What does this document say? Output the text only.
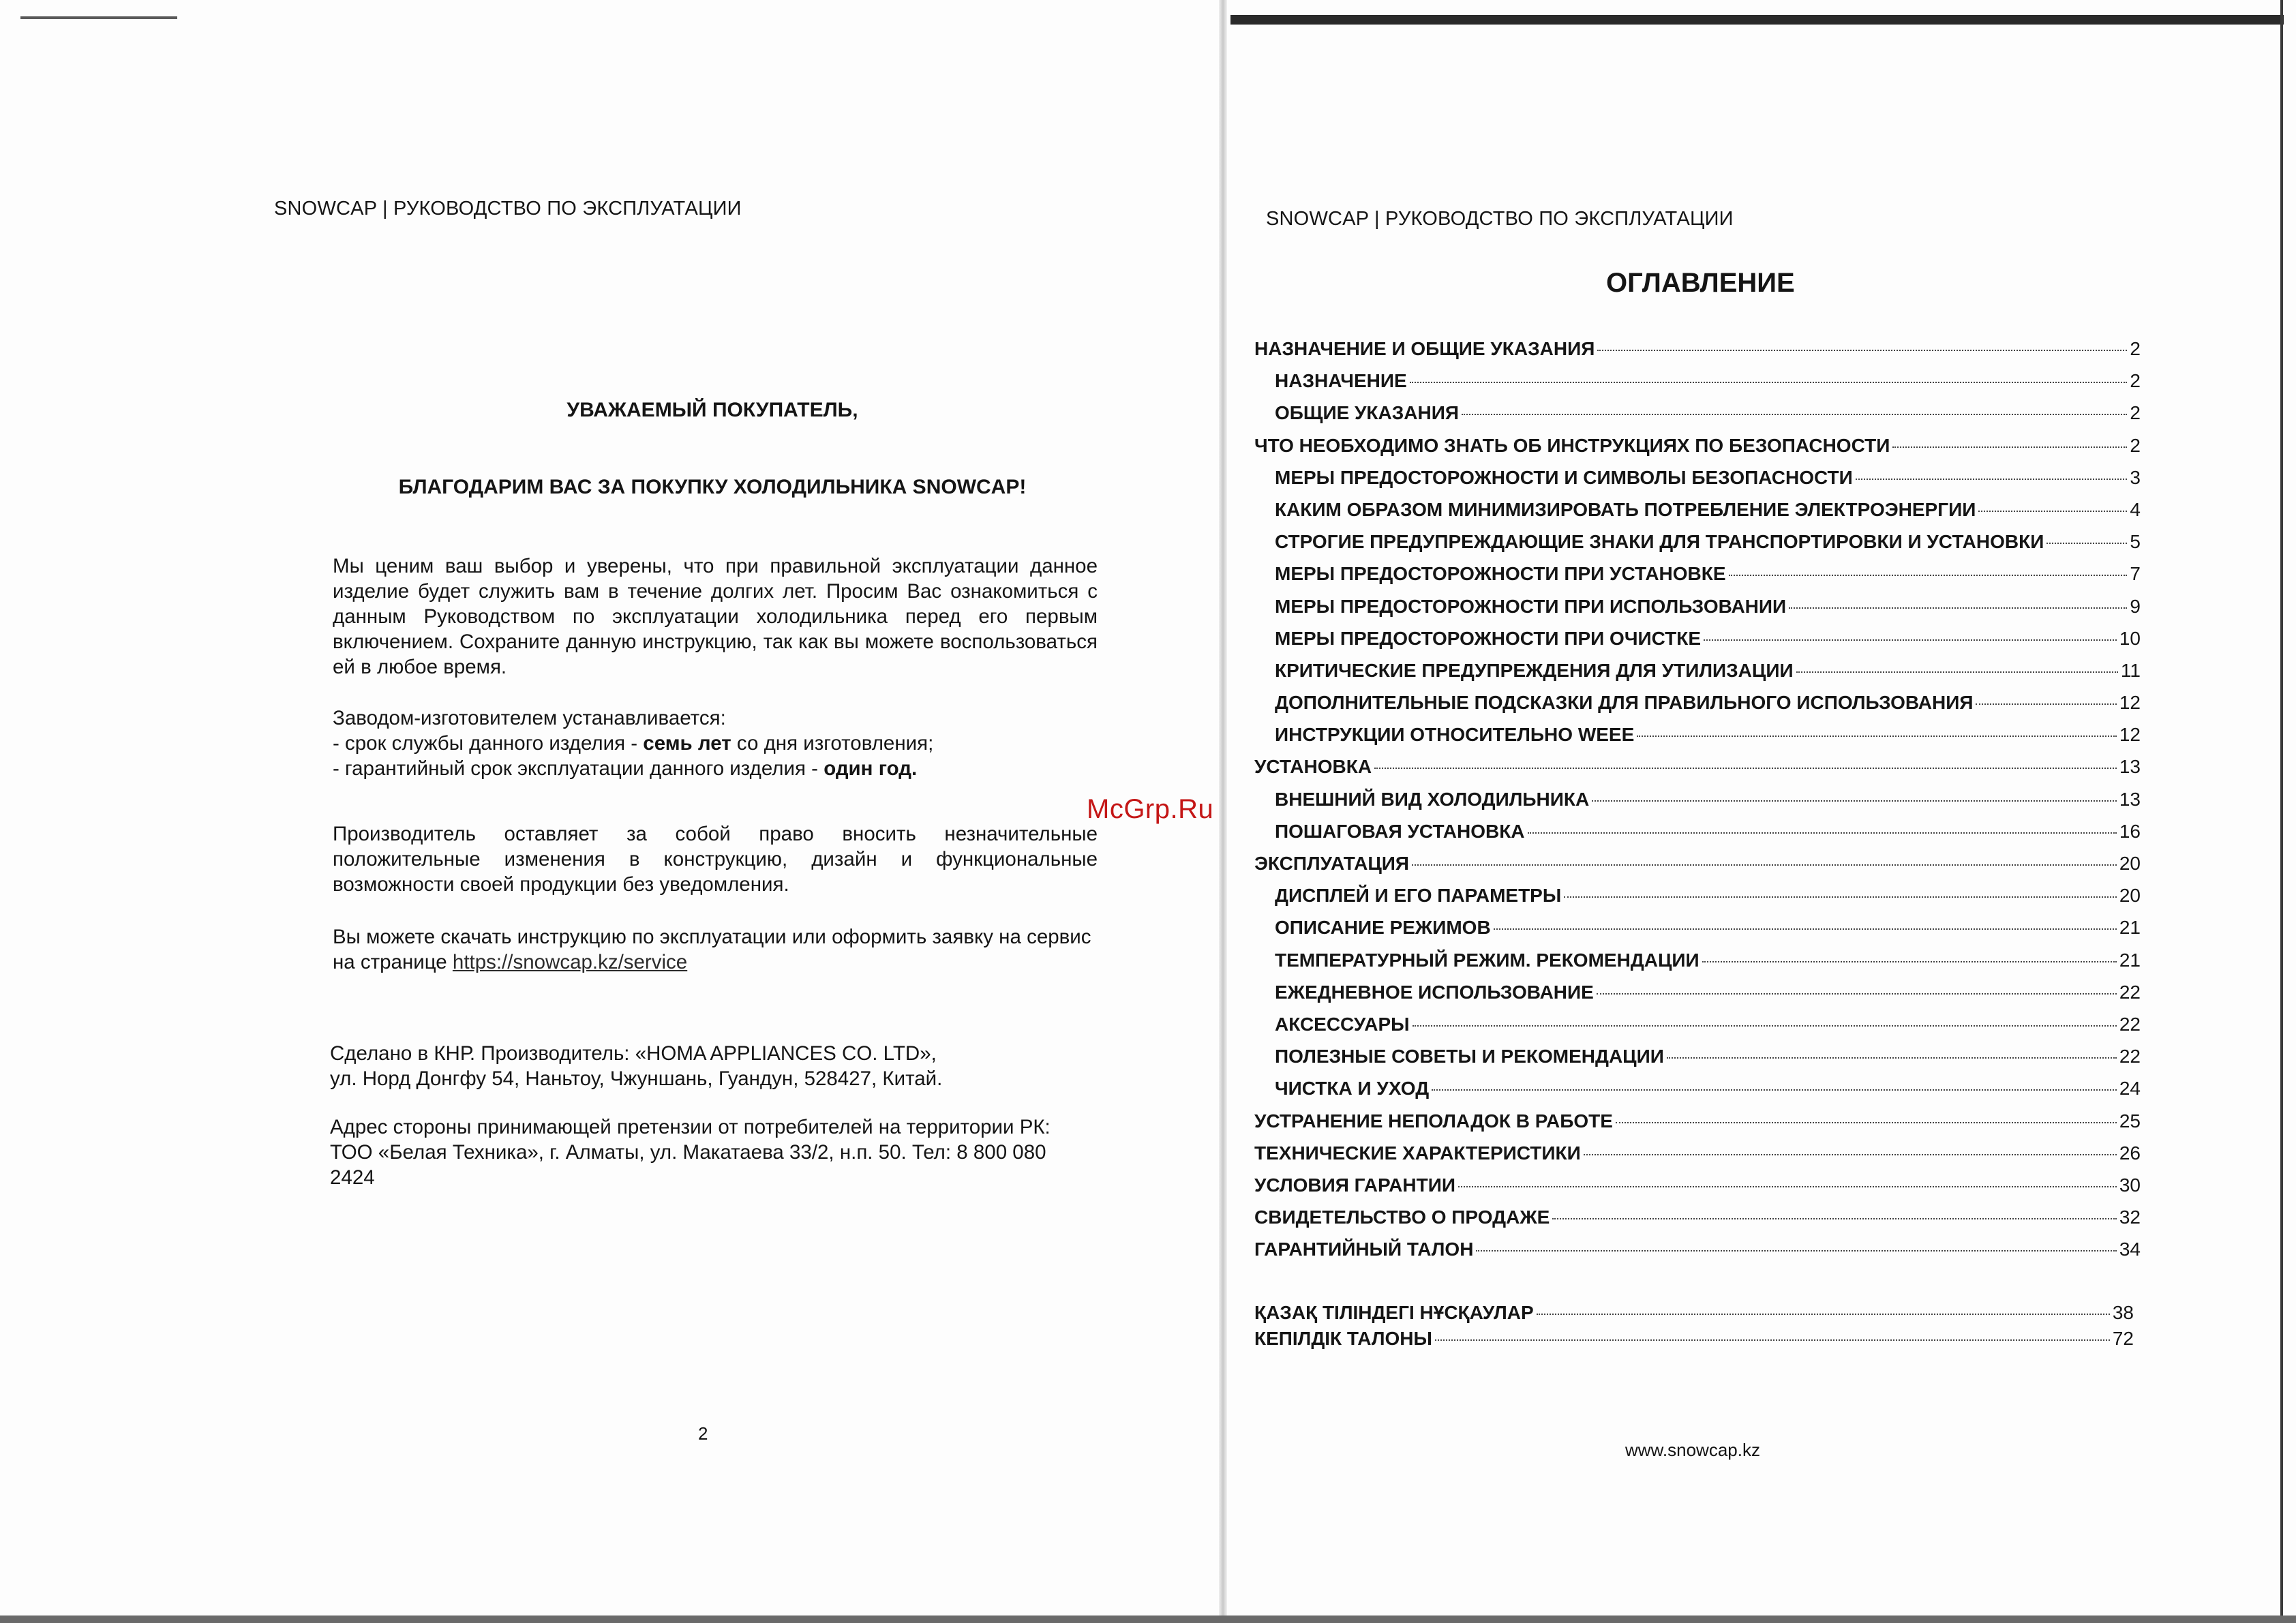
SNOWCAP | РУКОВОДСТВО ПО ЭКСПЛУАТАЦИИ
УВАЖАЕМЫЙ ПОКУПАТЕЛЬ,
БЛАГОДАРИМ ВАС ЗА ПОКУПКУ ХОЛОДИЛЬНИКА SNOWCAP!
Мы ценим ваш выбор и уверены, что при правильной эксплуатации данное изделие будет служить вам в течение долгих лет. Просим Вас ознакомиться с данным Руководством по эксплуатации холодильника перед его первым включением. Сохраните данную инструкцию, так как вы можете воспользоваться ей в любое время.
Заводом-изготовителем устанавливается:
- срок службы данного изделия - семь лет со дня изготовления;
- гарантийный срок эксплуатации данного изделия - один год.
Производитель оставляет за собой право вносить незначительные положительные изменения в конструкцию, дизайн и функциональные возможности своей продукции без уведомления.
Вы можете скачать инструкцию по эксплуатации или оформить заявку на сервис на странице https://snowcap.kz/service
Сделано в КНР. Производитель: «HOMA APPLIANCES CO. LTD»,
ул. Норд Донгфу 54, Наньтоу, Чжуншань, Гуандун, 528427, Китай.
Адрес стороны принимающей претензии от потребителей на территории РК:
ТОО «Белая Техника», г. Алматы, ул. Макатаева 33/2, н.п. 50. Тел: 8 800 080 2424
2
McGrp.Ru
SNOWCAP | РУКОВОДСТВО ПО ЭКСПЛУАТАЦИИ
ОГЛАВЛЕНИЕ
НАЗНАЧЕНИЕ И ОБЩИЕ УКАЗАНИЯ	2
НАЗНАЧЕНИЕ	2
ОБЩИЕ УКАЗАНИЯ	2
ЧТО НЕОБХОДИМО ЗНАТЬ ОБ ИНСТРУКЦИЯХ ПО БЕЗОПАСНОСТИ	2
МЕРЫ ПРЕДОСТОРОЖНОСТИ И СИМВОЛЫ БЕЗОПАСНОСТИ	3
КАКИМ ОБРАЗОМ МИНИМИЗИРОВАТЬ ПОТРЕБЛЕНИЕ ЭЛЕКТРОЭНЕРГИИ	4
СТРОГИЕ ПРЕДУПРЕЖДАЮЩИЕ ЗНАКИ ДЛЯ ТРАНСПОРТИРОВКИ И УСТАНОВКИ	5
МЕРЫ ПРЕДОСТОРОЖНОСТИ ПРИ УСТАНОВКЕ	7
МЕРЫ ПРЕДОСТОРОЖНОСТИ ПРИ ИСПОЛЬЗОВАНИИ	9
МЕРЫ ПРЕДОСТОРОЖНОСТИ ПРИ ОЧИСТКЕ	10
КРИТИЧЕСКИЕ ПРЕДУПРЕЖДЕНИЯ ДЛЯ УТИЛИЗАЦИИ	11
ДОПОЛНИТЕЛЬНЫЕ ПОДСКАЗКИ ДЛЯ ПРАВИЛЬНОГО ИСПОЛЬЗОВАНИЯ	12
ИНСТРУКЦИИ ОТНОСИТЕЛЬНО WEEE	12
УСТАНОВКА	13
ВНЕШНИЙ ВИД ХОЛОДИЛЬНИКА	13
ПОШАГОВАЯ УСТАНОВКА	16
ЭКСПЛУАТАЦИЯ	20
ДИСПЛЕЙ И ЕГО ПАРАМЕТРЫ	20
ОПИСАНИЕ РЕЖИМОВ	21
ТЕМПЕРАТУРНЫЙ РЕЖИМ. РЕКОМЕНДАЦИИ	21
ЕЖЕДНЕВНОЕ ИСПОЛЬЗОВАНИЕ	22
АКСЕССУАРЫ	22
ПОЛЕЗНЫЕ СОВЕТЫ И РЕКОМЕНДАЦИИ	22
ЧИСТКА И УХОД	24
УСТРАНЕНИЕ НЕПОЛАДОК В РАБОТЕ	25
ТЕХНИЧЕСКИЕ ХАРАКТЕРИСТИКИ	26
УСЛОВИЯ ГАРАНТИИ	30
СВИДЕТЕЛЬСТВО О ПРОДАЖЕ	32
ГАРАНТИЙНЫЙ ТАЛОН	34
ҚАЗАҚ ТІЛІНДЕГІ НҰСҚАУЛАР	38
КЕПІЛДІК ТАЛОНЫ	72
www.snowcap.kz
